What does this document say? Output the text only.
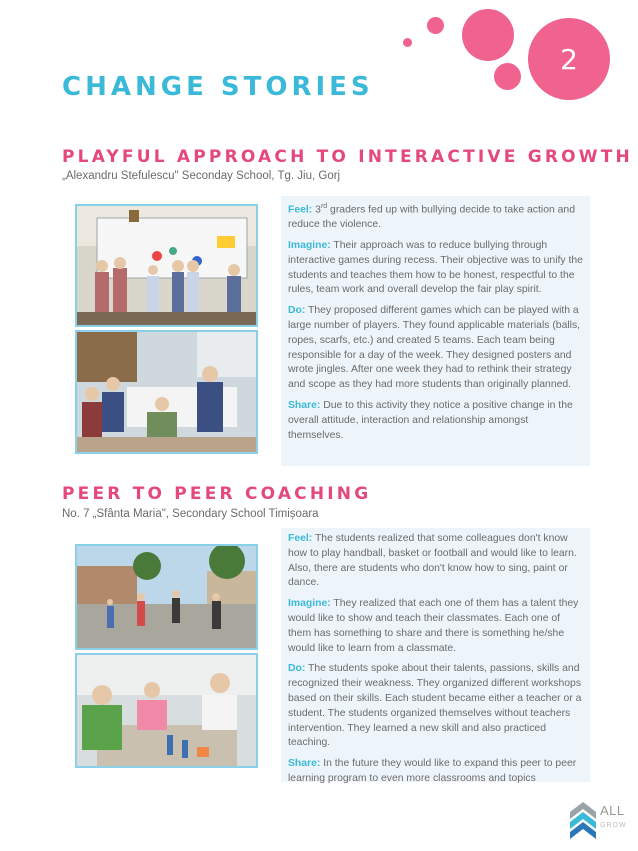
2
CHANGE STORIES
PLAYFUL APPROACH TO INTERACTIVE GROWTH
„Alexandru Stefulescu" Seconday School, Tg. Jiu, Gorj

Feel: 3rd graders fed up with bullying decide to take action and reduce the violence.

Imagine: Their approach was to reduce bullying through interactive games during recess. Their objective was to unify the students and teaches them how to be honest, respectful to the rules, team work and overall develop the fair play spirit.

Do: They proposed different games which can be played with a large number of players. They found applicable materials (balls, ropes, scarfs, etc.) and created 5 teams. Each team being responsible for a day of the week. They designed posters and wrote jingles. After one week they had to rethink their strategy and scope as they had more students than originally planned.

Share: Due to this activity they notice a positive change in the overall attitude, interaction and relationship amongst themselves.

PEER TO PEER COACHING
No. 7 „Sfânta Maria", Secondary School Timișoara

Feel: The students realized that some colleagues don't know how to play handball, basket or football and would like to learn. Also, there are students who don't know how to sing, paint or dance.

Imagine: They realized that each one of them has a talent they would like to show and teach their classmates. Each one of them has something to share and there is something he/she would like to learn from a classmate.

Do: The students spoke about their talents, passions, skills and recognized their weakness. They organized different workshops based on their skills. Each student became either a teacher or a student. The students organized themselves without teachers intervention. They learned a new skill and also practiced teaching.

Share: In the future they would like to expand this peer to peer learning program to even more classrooms and topics

ALL
GROW
